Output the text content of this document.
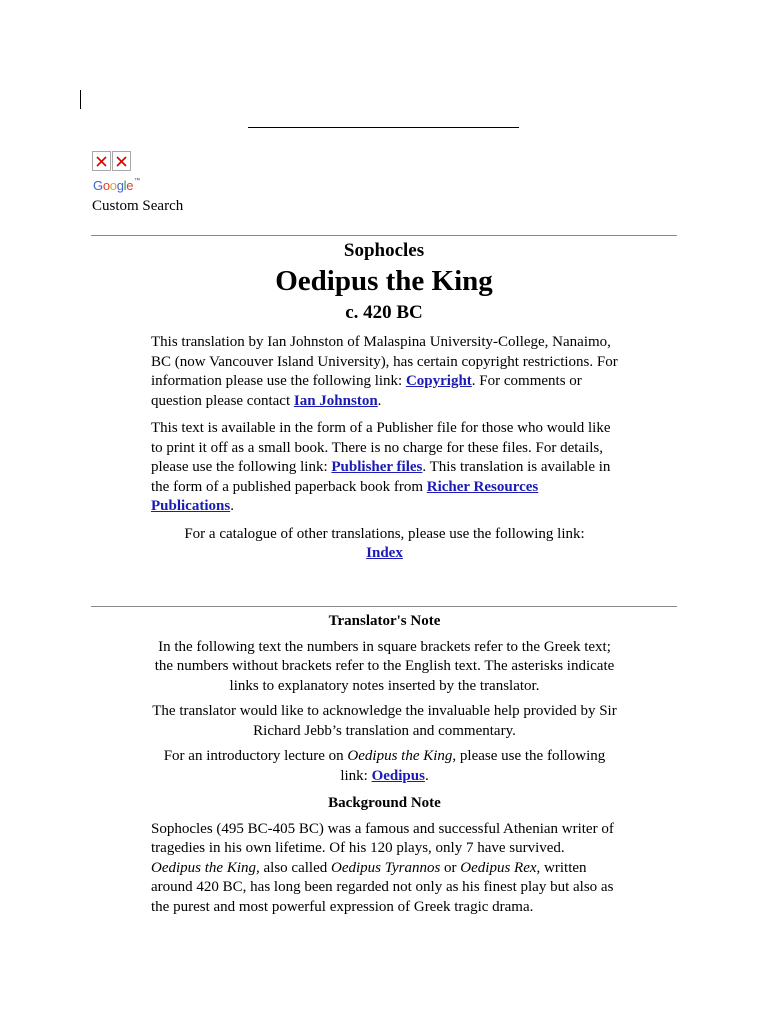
Google™
Custom Search
Sophocles
Oedipus the King
c. 420 BC

This translation by Ian Johnston of Malaspina University-College, Nanaimo, BC (now Vancouver Island University), has certain copyright restrictions. For information please use the following link: Copyright. For comments or question please contact Ian Johnston.

This text is available in the form of a Publisher file for those who would like to print it off as a small book. There is no charge for these files. For details, please use the following link: Publisher files. This translation is available in the form of a published paperback book from Richer Resources Publications.

For a catalogue of other translations, please use the following link:
Index

Translator's Note

In the following text the numbers in square brackets refer to the Greek text; the numbers without brackets refer to the English text. The asterisks indicate links to explanatory notes inserted by the translator.

The translator would like to acknowledge the invaluable help provided by Sir Richard Jebb’s translation and commentary.

For an introductory lecture on Oedipus the King, please use the following link: Oedipus.

Background Note

Sophocles (495 BC-405 BC) was a famous and successful Athenian writer of tragedies in his own lifetime. Of his 120 plays, only 7 have survived. Oedipus the King, also called Oedipus Tyrannos or Oedipus Rex, written around 420 BC, has long been regarded not only as his finest play but also as the purest and most powerful expression of Greek tragic drama.
